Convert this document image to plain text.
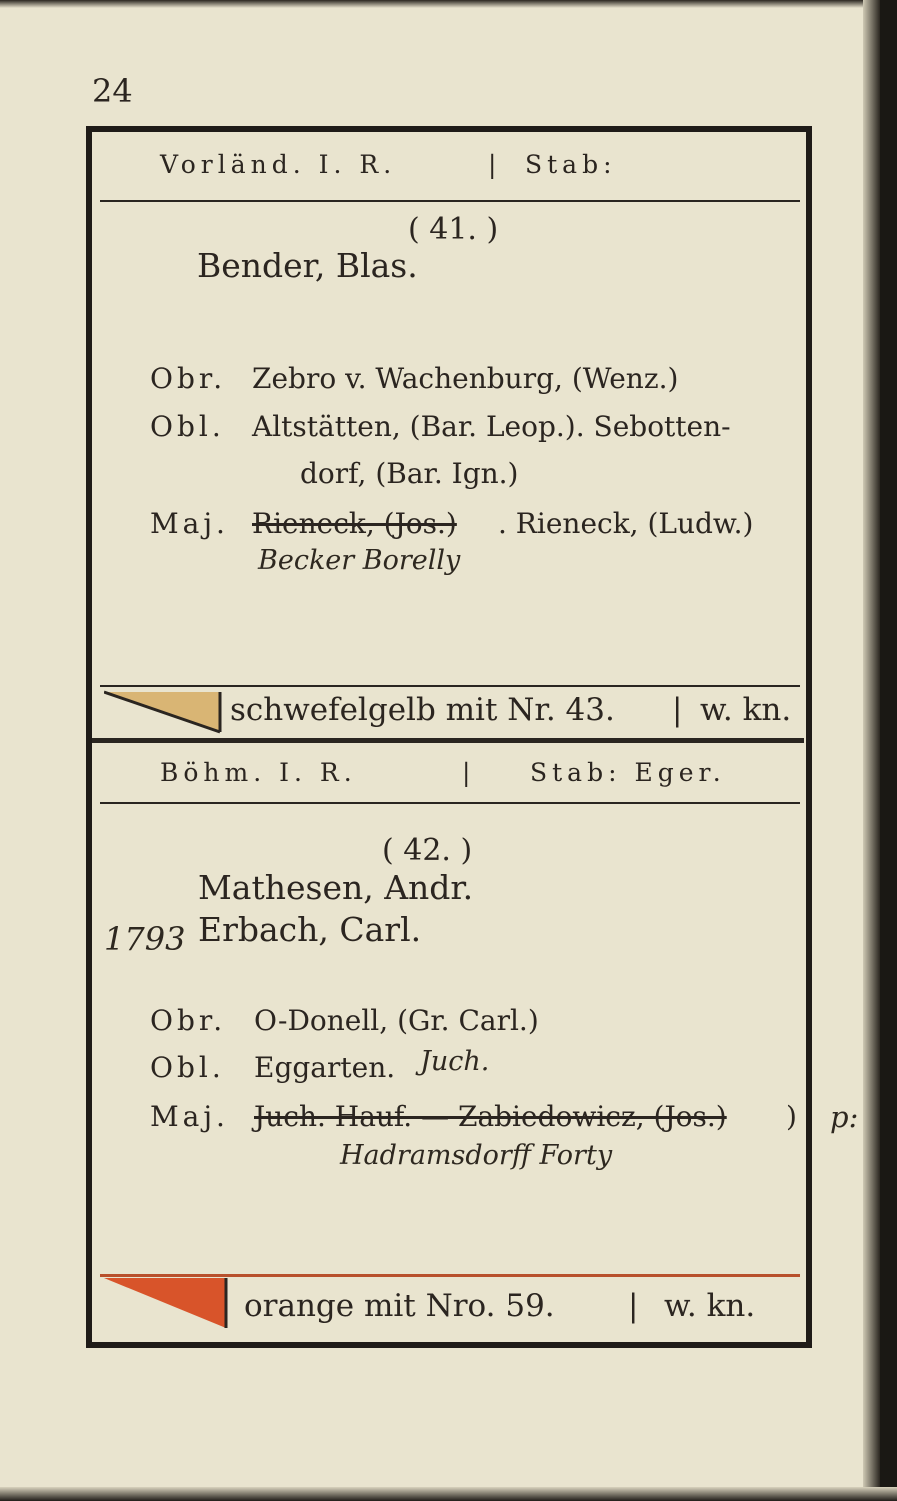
24
Vorländ. I. R.	| Stab:
( 41. )
Bender, Blas.
Obr. Zebro v. Wachenburg, (Wenz.)
Obl. Altstätten, (Bar. Leop.). Sebotten-
dorf, (Bar. Ign.)
Maj. Rieneck, (Jos.) . Rieneck, (Ludw.)
Becker Borelly
schwefelgelb mit Nr. 43. | w. kn.
Böhm. I. R.	| Stab: Eger.
( 42. )
Mathesen, Andr.
1793 Erbach, Carl.
Obr. O-Donell, (Gr. Carl.)
Obl. Eggarten. Juch.
Maj. Juch. Hauf. — Zabiedowicz, (Jos.) ) p:
Hadramsdorff Forty
orange mit Nro. 59. | w. kn.
